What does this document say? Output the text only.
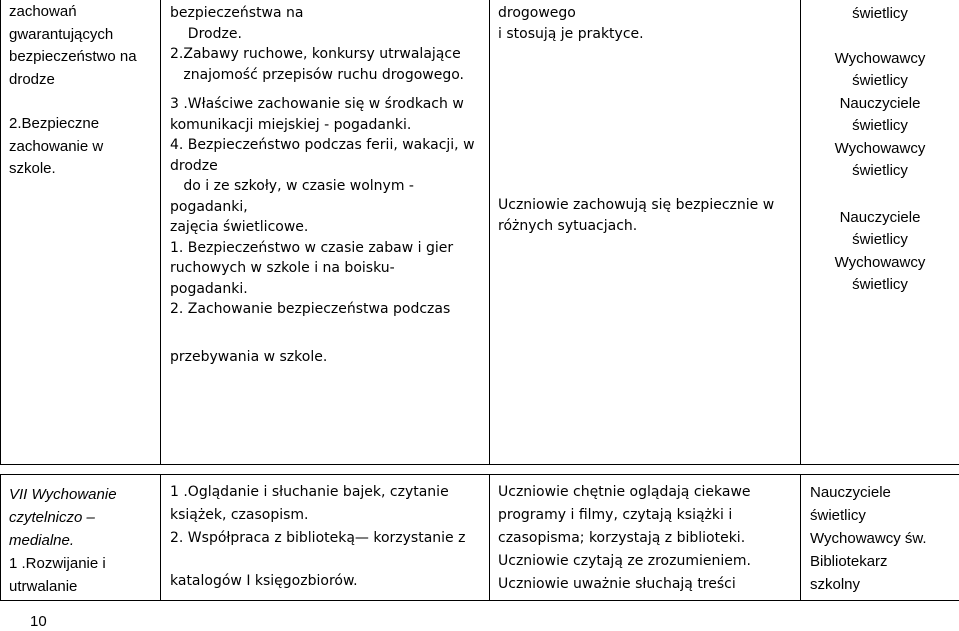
zachowań
gwarantujących
bezpieczeństwo na
drodze
2.Bezpieczne
zachowanie w
szkole.

bezpieczeństwa na
Drodze.
2.Zabawy ruchowe, konkursy utrwalające
znajomość przepisów ruchu drogowego.
3 .Właściwe zachowanie się w środkach w
komunikacji miejskiej - pogadanki.
4. Bezpieczeństwo podczas ferii, wakacji, w
drodze
do i ze szkoły, w czasie wolnym -
pogadanki,
zajęcia świetlicowe.
1. Bezpieczeństwo w czasie zabaw i gier
ruchowych w szkole i na boisku-
pogadanki.
2. Zachowanie bezpieczeństwa podczas
przebywania w szkole.

drogowego
i stosują je praktyce.
Uczniowie zachowują się bezpiecznie w
różnych sytuacjach.

świetlicy
Wychowawcy
świetlicy
Nauczyciele
świetlicy
Wychowawcy
świetlicy
Nauczyciele
świetlicy
Wychowawcy
świetlicy
VII Wychowanie
czytelniczo –
medialne.
1 .Rozwijanie i
utrwalanie

1 .Oglądanie i słuchanie bajek, czytanie
książek, czasopism.
2. Współpraca z biblioteką— korzystanie z
katalogów I księgozbiorów.

Uczniowie chętnie oglądają ciekawe
programy i filmy, czytają książki i
czasopisma; korzystają z biblioteki.
Uczniowie czytają ze zrozumieniem.
Uczniowie uważnie słuchają treści

Nauczyciele
świetlicy
Wychowawcy św.
Bibliotekarz
szkolny
10
